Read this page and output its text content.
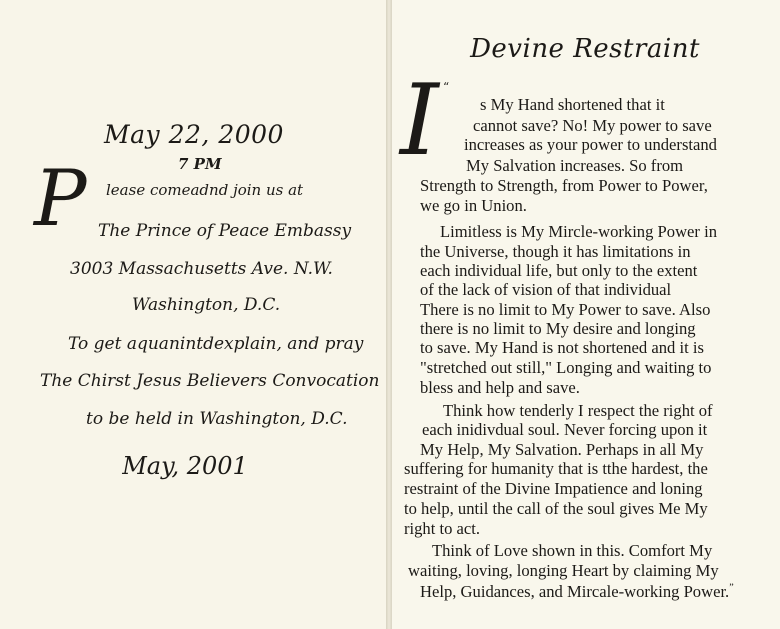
May 22, 2000
7 PM
P lease comeadnd join us at
The Prince of Peace Embassy
3003 Massachusetts Ave. N.W.
Washington, D.C.
To get aquanintdexplain, and pray
The Chirst Jesus Believers Convocation
to be held in Washington, D.C.
May, 2001
Devine Restraint
“
I s My Hand shortened that it
cannot save? No! My power to save
increases as your power to understand
My Salvation increases. So from
Strength to Strength, from Power to Power,
we go in Union.
Limitless is My Mircle-working Power in
the Universe, though it has limitations in
each individual life, but only to the extent
of the lack of vision of that individual
There is no limit to My Power to save. Also
there is no limit to My desire and longing
to save. My Hand is not shortened and it is
"stretched out still," Longing and waiting to
bless and help and save.
Think how tenderly I respect the right of
each inidivdual soul. Never forcing upon it
My Help, My Salvation. Perhaps in all My
suffering for humanity that is tthe hardest, the
restraint of the Divine Impatience and loning
to help, until the call of the soul gives Me My
right to act.
Think of Love shown in this. Comfort My
waiting, loving, longing Heart by claiming My
Help, Guidances, and Mircale-working Power.”
